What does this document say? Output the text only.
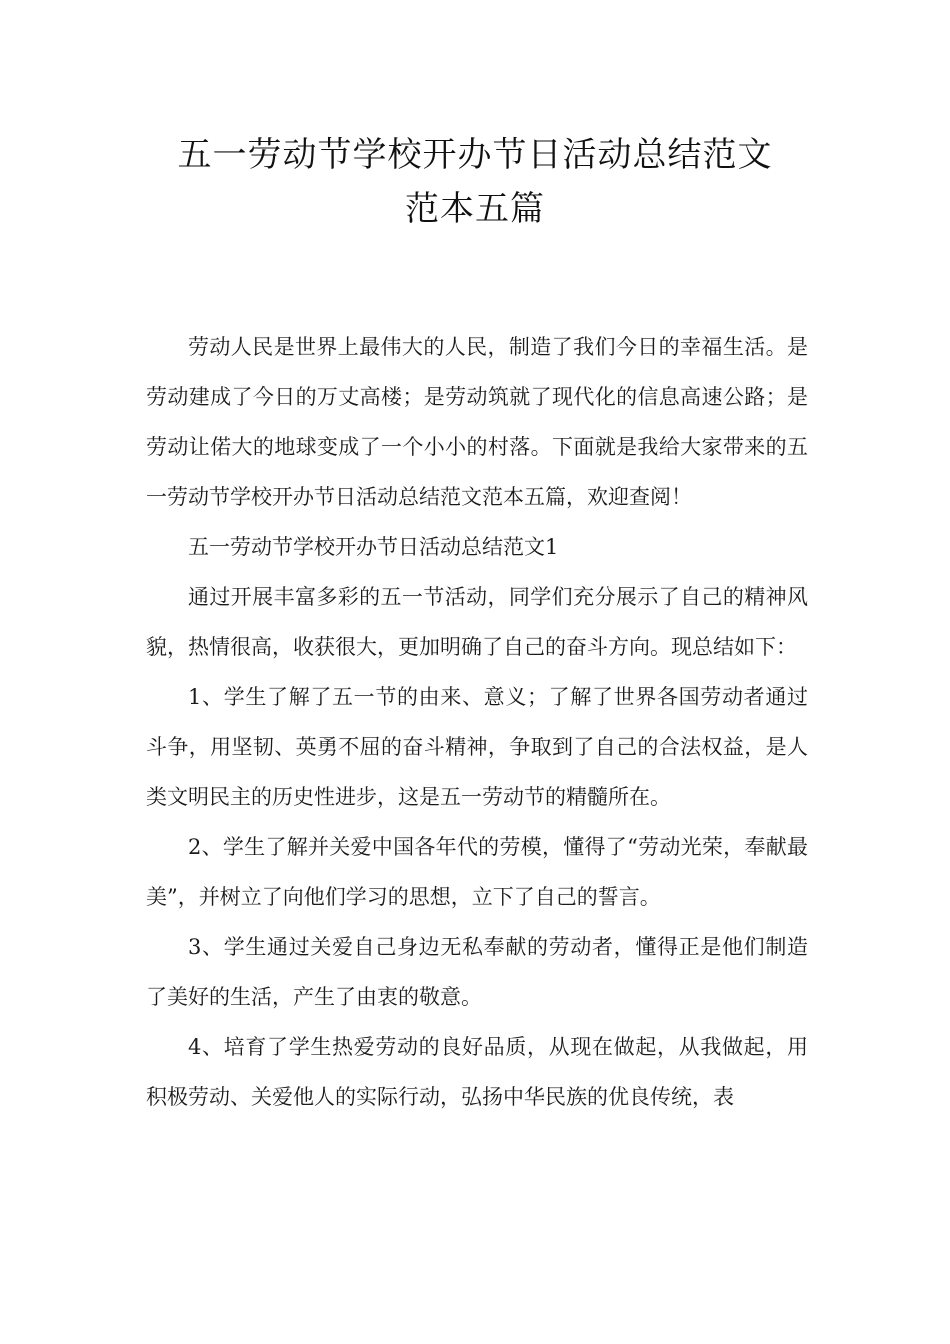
五一劳动节学校开办节日活动总结范文
范本五篇

劳动人民是世界上最伟大的人民，制造了我们今日的幸福生活。是劳动建成了今日的万丈高楼；是劳动筑就了现代化的信息高速公路；是劳动让偌大的地球变成了一个小小的村落。下面就是我给大家带来的五一劳动节学校开办节日活动总结范文范本五篇，欢迎查阅！

五一劳动节学校开办节日活动总结范文1

通过开展丰富多彩的五一节活动，同学们充分展示了自己的精神风貌，热情很高，收获很大，更加明确了自己的奋斗方向。现总结如下：

1、学生了解了五一节的由来、意义；了解了世界各国劳动者通过斗争，用坚韧、英勇不屈的奋斗精神，争取到了自己的合法权益，是人类文明民主的历史性进步，这是五一劳动节的精髓所在。

2、学生了解并关爱中国各年代的劳模，懂得了“劳动光荣，奉献最美”，并树立了向他们学习的思想，立下了自己的誓言。

3、学生通过关爱自己身边无私奉献的劳动者，懂得正是他们制造了美好的生活，产生了由衷的敬意。

4、培育了学生热爱劳动的良好品质，从现在做起，从我做起，用积极劳动、关爱他人的实际行动，弘扬中华民族的优良传统，表
